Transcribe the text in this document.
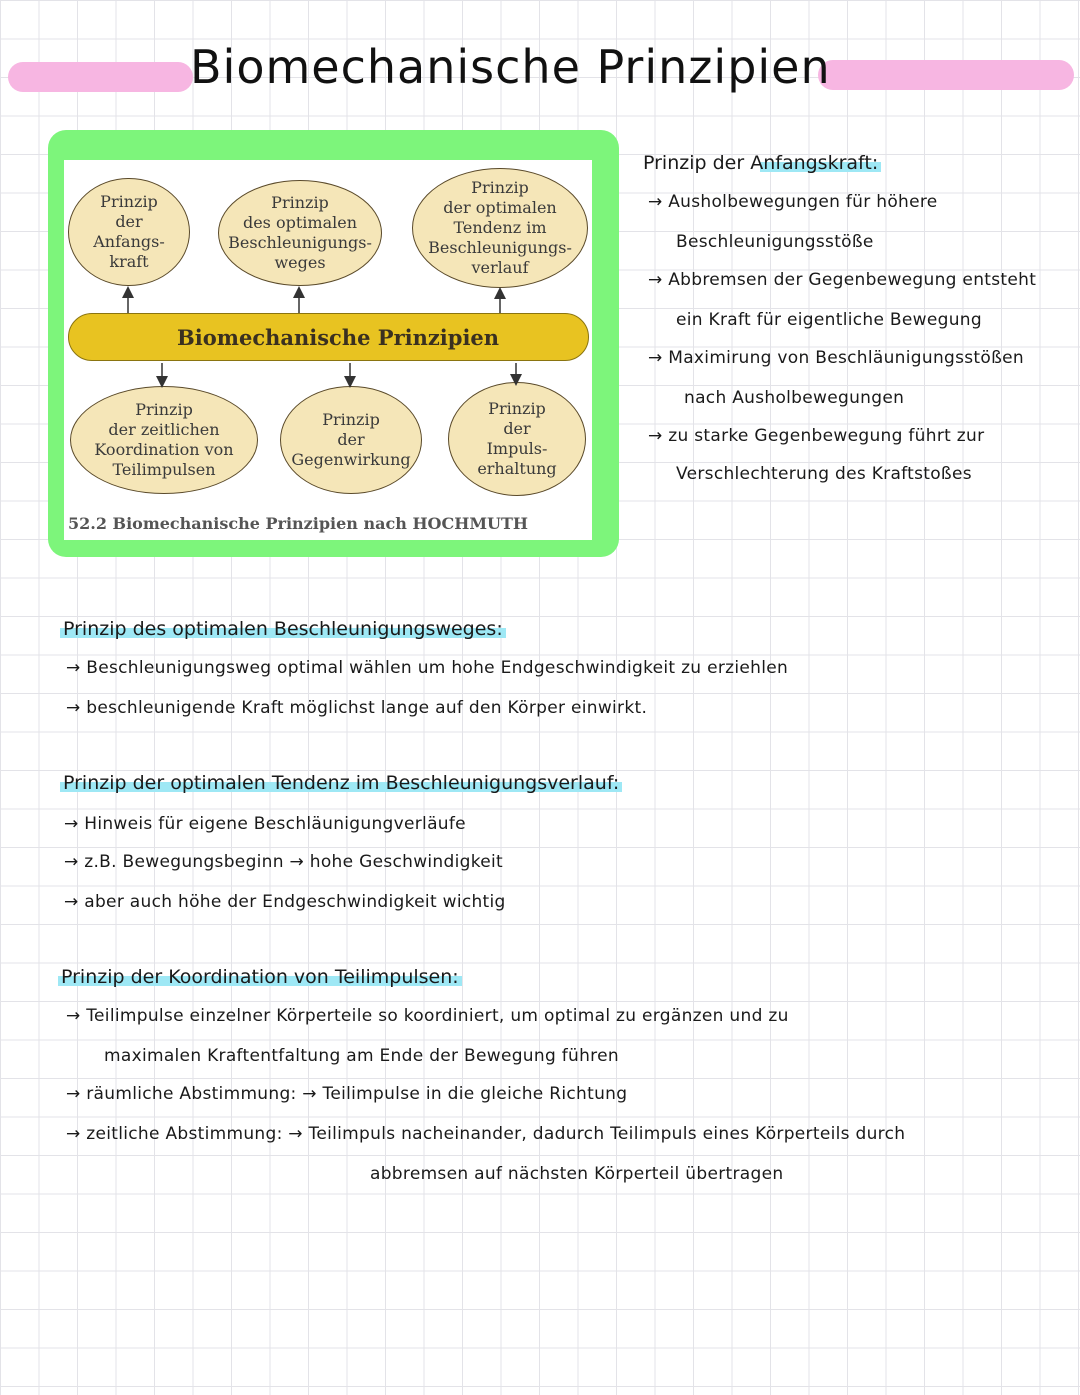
Biomechanische Prinzipien
Prinzip
der
Anfangs-
kraft
Prinzip
des optimalen
Beschleunigungs-
weges
Prinzip
der optimalen
Tendenz im
Beschleunigungs-
verlauf
Biomechanische Prinzipien
Prinzip
der zeitlichen
Koordination von
Teilimpulsen
Prinzip
der
Gegenwirkung
Prinzip
der
Impuls-
erhaltung
52.2 Biomechanische Prinzipien nach HOCHMUTH
Prinzip der Anfangskraft:
→ Ausholbewegungen für höhere
Beschleunigungsstöße
→ Abbremsen der Gegenbewegung entsteht
ein Kraft für eigentliche Bewegung
→ Maximirung von Beschläunigungsstößen
nach Ausholbewegungen
→ zu starke Gegenbewegung führt zur
Verschlechterung des Kraftstoßes
Prinzip des optimalen Beschleunigungsweges:
→ Beschleunigungsweg optimal wählen um hohe Endgeschwindigkeit zu erziehlen
→ beschleunigende Kraft möglichst lange auf den Körper einwirkt.
Prinzip der optimalen Tendenz im Beschleunigungsverlauf:
→ Hinweis für eigene Beschläunigungverläufe
→ z.B. Bewegungsbeginn → hohe Geschwindigkeit
→ aber auch höhe der Endgeschwindigkeit wichtig
Prinzip der Koordination von Teilimpulsen:
→ Teilimpulse einzelner Körperteile so koordiniert, um optimal zu ergänzen und zu
maximalen Kraftentfaltung am Ende der Bewegung führen
→ räumliche Abstimmung: → Teilimpulse in die gleiche Richtung
→ zeitliche Abstimmung: → Teilimpuls nacheinander, dadurch Teilimpuls eines Körperteils durch
abbremsen auf nächsten Körperteil übertragen
